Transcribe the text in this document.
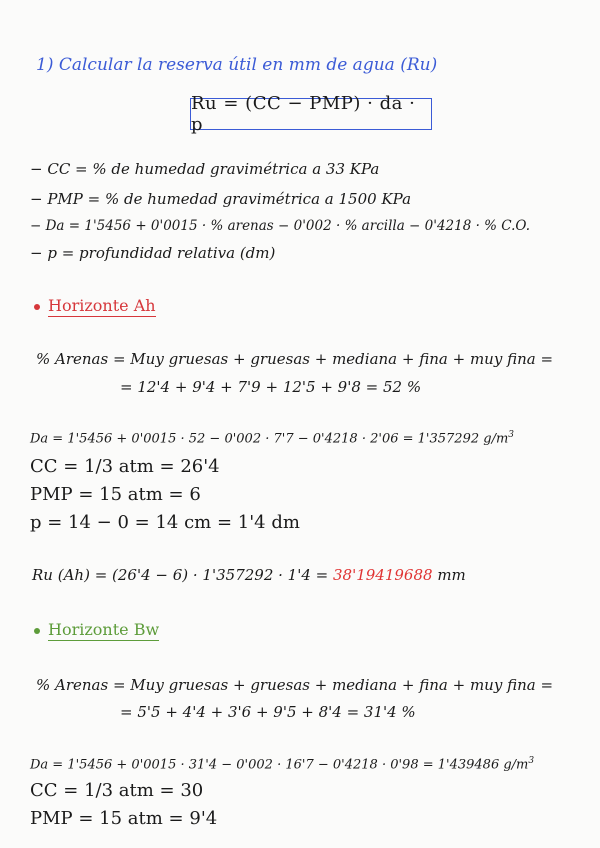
1) Calcular la reserva útil en mm de agua (Ru)
Ru = (CC − PMP) · da · p
− CC = % de humedad gravimétrica a 33 KPa
− PMP = % de humedad gravimétrica a 1500 KPa
− Da = 1'5456 + 0'0015 · % arenas − 0'002 · % arcilla − 0'4218 · % C.O.
− p = profundidad relativa (dm)
Horizonte Ah
% Arenas = Muy gruesas + gruesas + mediana + fina + muy fina =
= 12'4 + 9'4 + 7'9 + 12'5 + 9'8 = 52 %
Da = 1'5456 + 0'0015 · 52 − 0'002 · 7'7 − 0'4218 · 2'06 = 1'357292 $g/m^3$
CC = 1/3 atm = 26'4
PMP = 15 atm = 6
p = 14 − 0 = 14 cm = 1'4 dm
Ru (Ah) = (26'4 − 6) · 1'357292 · 1'4 = 38'19419688 mm
Horizonte Bw
% Arenas = Muy gruesas + gruesas + mediana + fina + muy fina =
= 5'5 + 4'4 + 3'6 + 9'5 + 8'4 = 31'4 %
Da = 1'5456 + 0'0015 · 31'4 − 0'002 · 16'7 − 0'4218 · 0'98 = 1'439486 $g/m^3$
CC = 1/3 atm = 30
PMP = 15 atm = 9'4
